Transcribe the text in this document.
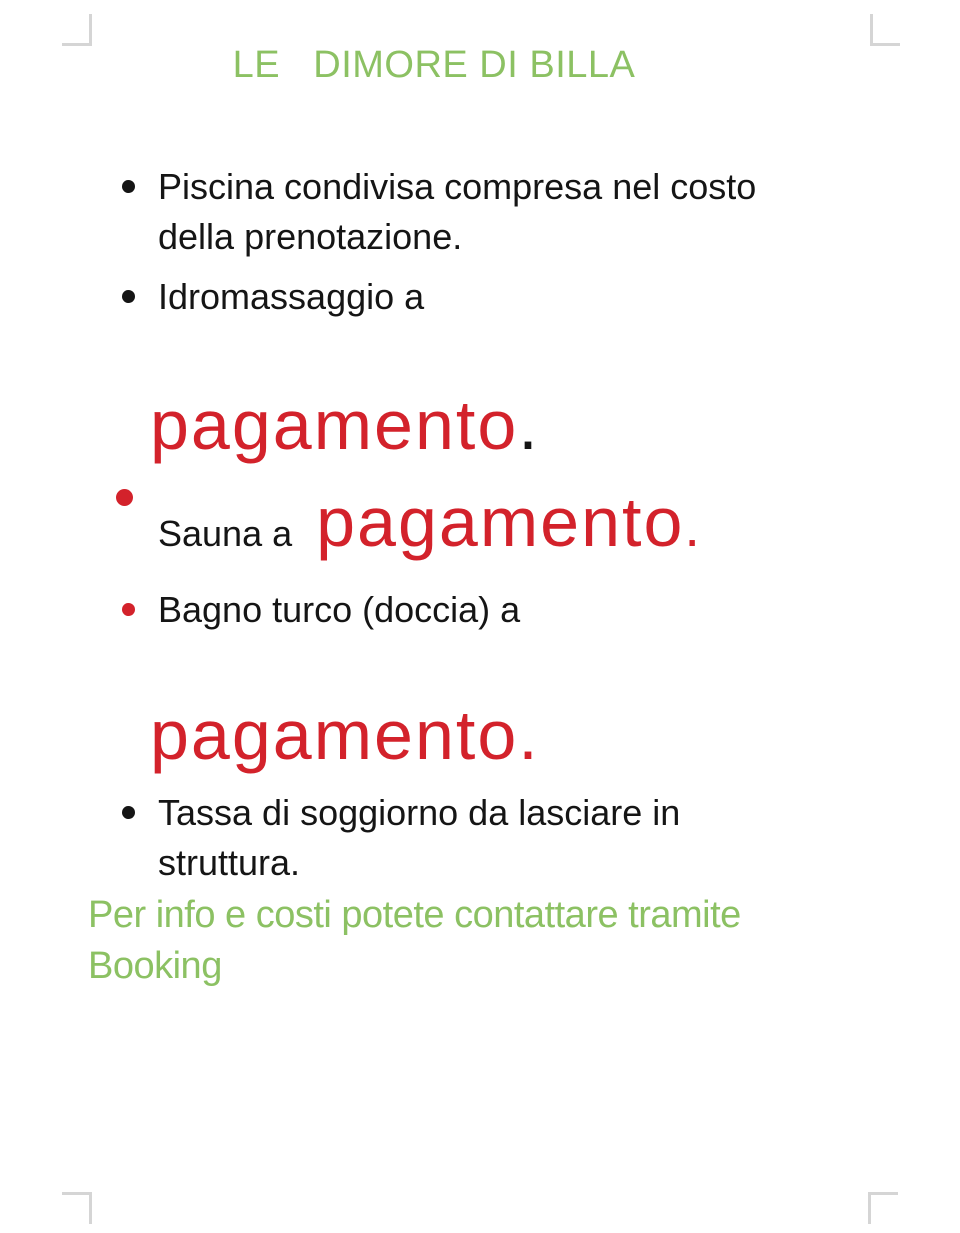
LE   DIMORE DI BILLA
Piscina condivisa compresa nel costo della prenotazione.
Idromassaggio a
pagamento.
Sauna a pagamento.
Bagno turco (doccia) a
pagamento.
Tassa di soggiorno da lasciare in struttura.
Per info e costi potete contattare tramite Booking
